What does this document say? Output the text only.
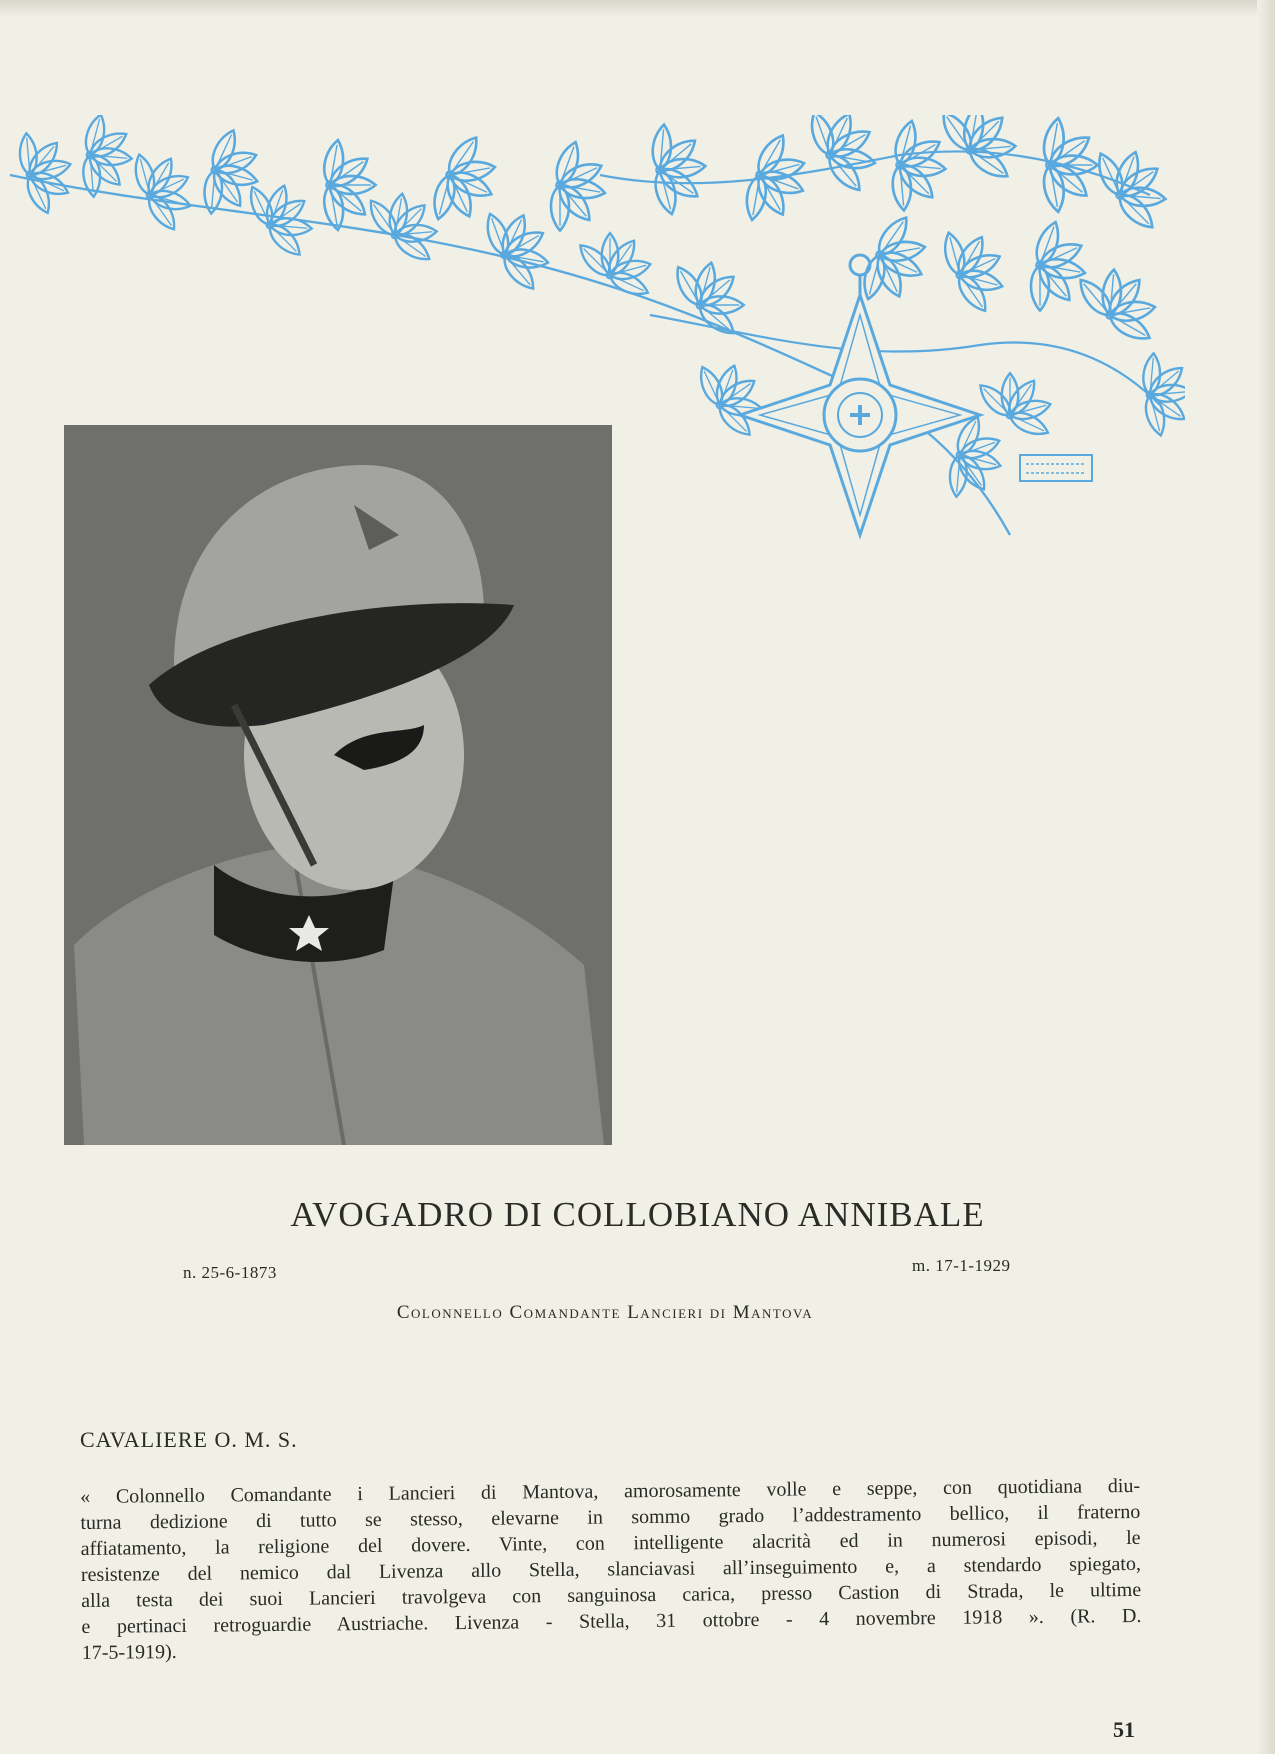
AVOGADRO DI COLLOBIANO ANNIBALE
n. 25-6-1873	m. 17-1-1929
Colonnello Comandante Lancieri di Mantova
CAVALIERE O. M. S.
« Colonnello Comandante i Lancieri di Mantova, amorosamente volle e seppe, con quotidiana diu-
turna dedizione di tutto se stesso, elevarne in sommo grado l’addestramento bellico, il fraterno
affiatamento, la religione del dovere. Vinte, con intelligente alacrità ed in numerosi episodi, le
resistenze del nemico dal Livenza allo Stella, slanciavasi all’inseguimento e, a stendardo spiegato,
alla testa dei suoi Lancieri travolgeva con sanguinosa carica, presso Castion di Strada, le ultime
e pertinaci retroguardie Austriache. Livenza - Stella, 31 ottobre - 4 novembre 1918 ». (R. D.
17-5-1919).
51
